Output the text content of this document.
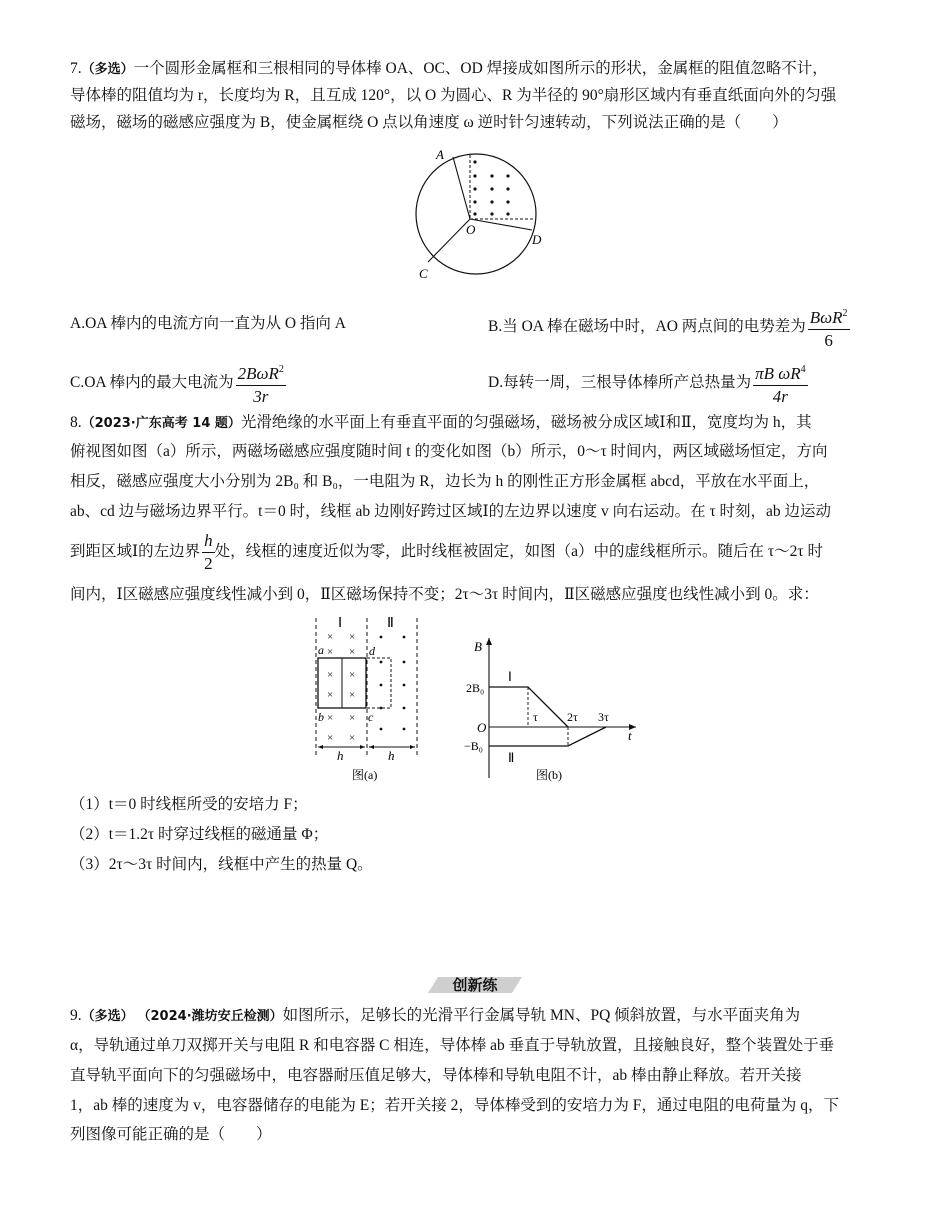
7.（多选）一个圆形金属框和三根相同的导体棒 OA、OC、OD 焊接成如图所示的形状，金属框的阻值忽略不计，
导体棒的阻值均为 r，长度均为 R，且互成 120°，以 O 为圆心、R 为半径的 90°扇形区域内有垂直纸面向外的匀强
磁场，磁场的磁感应强度为 B，使金属框绕 O 点以角速度 ω 逆时针匀速转动，下列说法正确的是（　　）
A
O
C
D
A.OA 棒内的电流方向一直为从 O 指向 A	B.当 OA 棒在磁场中时，AO 两点间的电势差为 $\frac{B\omega R^2}{6}$
C.OA 棒内的最大电流为 $\frac{2B\omega R^2}{3r}$	D.每转一周，三根导体棒所产总热量为 $\frac{\pi B \omega R^4}{4r}$
8.（2023·广东高考 14 题）光滑绝缘的水平面上有垂直平面的匀强磁场，磁场被分成区域Ⅰ和Ⅱ，宽度均为 h，其
俯视图如图（a）所示，两磁场磁感应强度随时间 t 的变化如图（b）所示，0～τ 时间内，两区域磁场恒定，方向
相反，磁感应强度大小分别为 2B₀ 和 B₀，一电阻为 R，边长为 h 的刚性正方形金属框 abcd，平放在水平面上，
ab、cd 边与磁场边界平行。t＝0 时，线框 ab 边刚好跨过区域Ⅰ的左边界以速度 v 向右运动。在 τ 时刻，ab 边运动
到距区域Ⅰ的左边界 $\frac{h}{2}$ 处，线框的速度近似为零，此时线框被固定，如图（a）中的虚线框所示。随后在 τ～2τ 时
间内，Ⅰ区磁感应强度线性减小到 0，Ⅱ区磁场保持不变；2τ～3τ 时间内，Ⅱ区磁感应强度也线性减小到 0。求：
Ⅰ	Ⅱ
× ×
× ×
× ×
× ×
× ×
× ×
a
b	c
d
h	h
图(a)
B
t
O
2B₀
−B₀
Ⅰ
Ⅱ
τ 2τ 3τ
图(b)
（1）t＝0 时线框所受的安培力 F；
（2）t＝1.2τ 时穿过线框的磁通量 Φ；
（3）2τ～3τ 时间内，线框中产生的热量 Q。
创新练
9.（多选） （2024·潍坊安丘检测）如图所示，足够长的光滑平行金属导轨 MN、PQ 倾斜放置，与水平面夹角为
α，导轨通过单刀双掷开关与电阻 R 和电容器 C 相连，导体棒 ab 垂直于导轨放置，且接触良好，整个装置处于垂
直导轨平面向下的匀强磁场中，电容器耐压值足够大，导体棒和导轨电阻不计，ab 棒由静止释放。若开关接
1，ab 棒的速度为 v，电容器储存的电能为 E；若开关接 2，导体棒受到的安培力为 F，通过电阻的电荷量为 q，下
列图像可能正确的是（　　）
